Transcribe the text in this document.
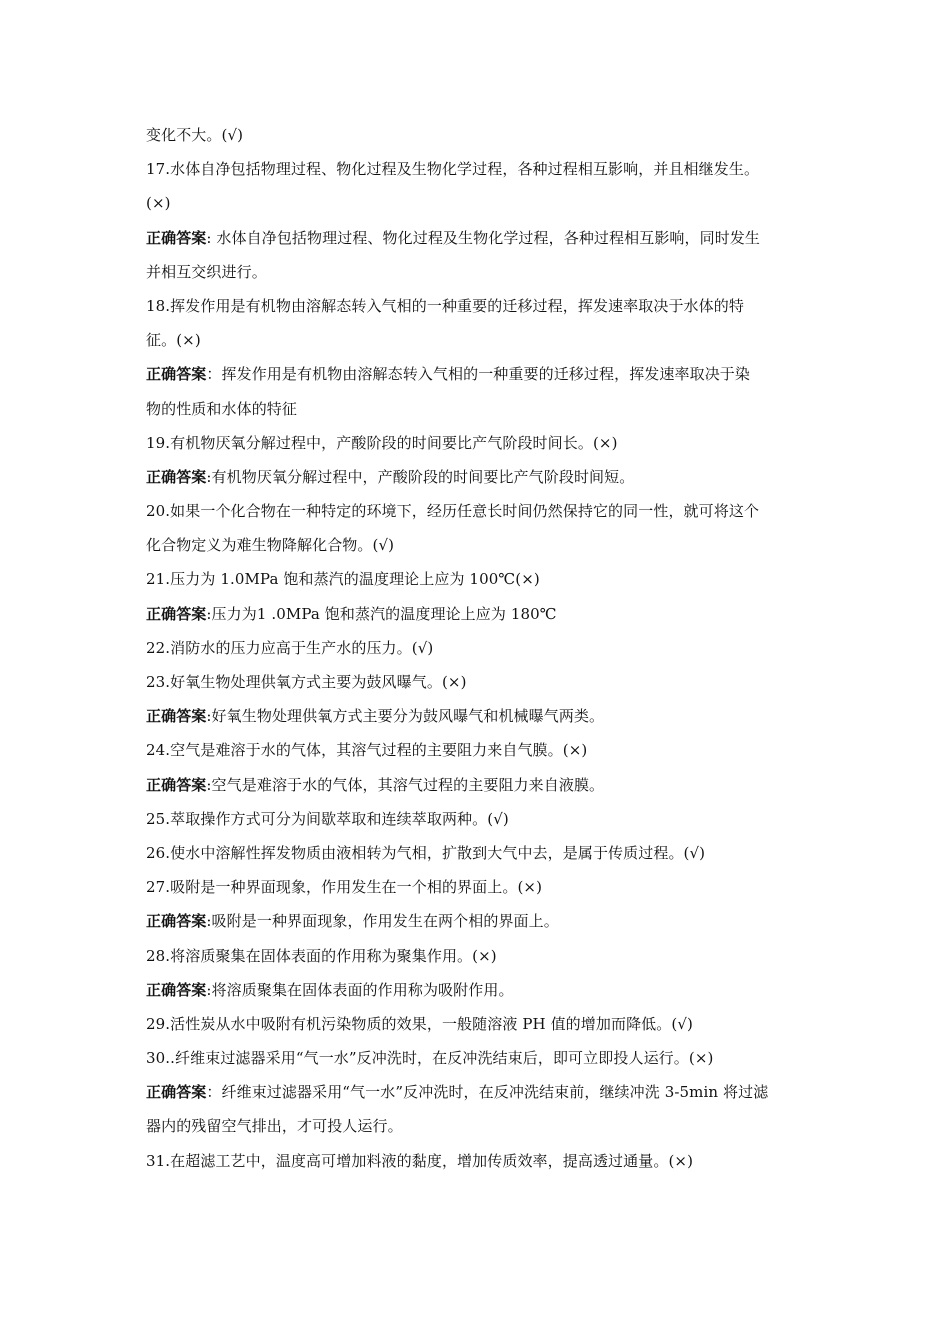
变化不大。(√)
17.水体自净包括物理过程、物化过程及生物化学过程，各种过程相互影响，并且相继发生。
(×)
正确答案: 水体自净包括物理过程、物化过程及生物化学过程，各种过程相互影响，同时发生
并相互交织进行。
18.挥发作用是有机物由溶解态转入气相的一种重要的迁移过程，挥发速率取决于水体的特
征。(×)
正确答案：挥发作用是有机物由溶解态转入气相的一种重要的迁移过程，挥发速率取决于染
物的性质和水体的特征
19.有机物厌氧分解过程中，产酸阶段的时间要比产气阶段时间长。(×)
正确答案:有机物厌氧分解过程中，产酸阶段的时间要比产气阶段时间短。
20.如果一个化合物在一种特定的环境下，经历任意长时间仍然保持它的同一性，就可将这个
化合物定义为难生物降解化合物。(√)
21.压力为 1.0MPa 饱和蒸汽的温度理论上应为 100℃(×)
正确答案:压力为1 .0MPa 饱和蒸汽的温度理论上应为 180℃
22.消防水的压力应高于生产水的压力。(√)
23.好氧生物处理供氧方式主要为鼓风曝气。(×)
正确答案:好氧生物处理供氧方式主要分为鼓风曝气和机械曝气两类。
24.空气是难溶于水的气体，其溶气过程的主要阻力来自气膜。(×)
正确答案:空气是难溶于水的气体，其溶气过程的主要阻力来自液膜。
25.萃取操作方式可分为间歇萃取和连续萃取两种。(√)
26.使水中溶解性挥发物质由液相转为气相，扩散到大气中去，是属于传质过程。(√)
27.吸附是一种界面现象，作用发生在一个相的界面上。(×)
正确答案:吸附是一种界面现象，作用发生在两个相的界面上。
28.将溶质聚集在固体表面的作用称为聚集作用。(×)
正确答案:将溶质聚集在固体表面的作用称为吸附作用。
29.活性炭从水中吸附有机污染物质的效果，一般随溶液 PH 值的增加而降低。(√)
30..纤维束过滤器采用“气一水”反冲洗时，在反冲洗结束后，即可立即投人运行。(×)
正确答案：纤维束过滤器采用“气一水”反冲洗时，在反冲洗结束前，继续冲洗 3-5min 将过滤
器内的残留空气排出，才可投人运行。
31.在超滤工艺中，温度高可增加料液的黏度，增加传质效率，提高透过通量。(×)
